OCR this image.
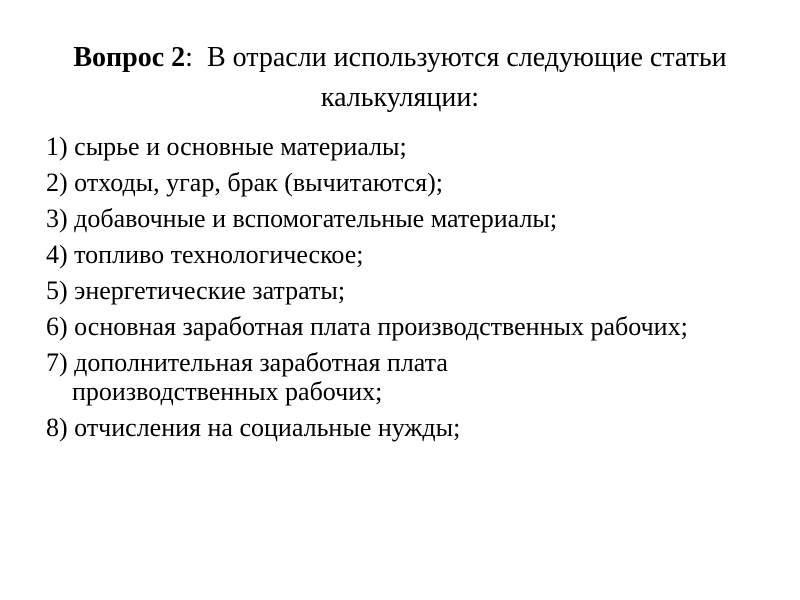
Вопрос 2:  В отрасли используются следующие статьи калькуляции:
1) сырье и основные материалы;
2) отходы, угар, брак (вычитаются);
3) добавочные и вспомогательные материалы;
4) топливо технологическое;
5) энергетические затраты;
6) основная заработная плата производственных рабочих;
7) дополнительная заработная плата производственных рабочих;
8) отчисления на социальные нужды;
